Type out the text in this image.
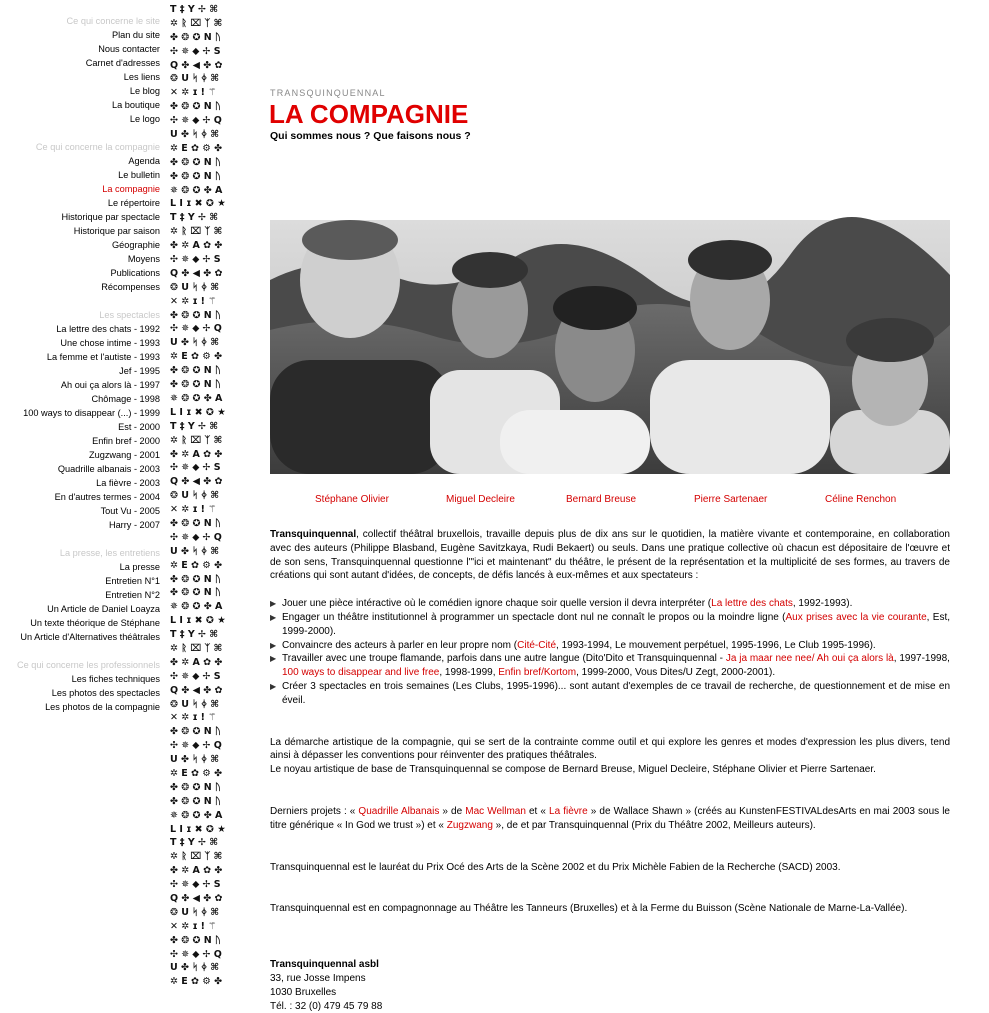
Ce qui concerne le site
Plan du site
Nous contacter
Carnet d'adresses
Les liens
Le blog
La boutique
Le logo
Ce qui concerne la compagnie
Agenda
Le bulletin
La compagnie
Le répertoire
Historique par spectacle
Historique par saison
Géographie
Moyens
Publications
Récompenses
Les spectacles
La lettre des chats - 1992
Une chose intime - 1993
La femme et l'autiste - 1993
Jef - 1995
Ah oui ça alors là - 1997
Chômage - 1998
100 ways to disappear (...) - 1999
Est - 2000
Enfin bref - 2000
Zugzwang - 2001
Quadrille albanais - 2003
La fièvre - 2003
En d'autres termes - 2004
Tout Vu - 2005
Harry - 2007
La presse, les entretiens
La presse
Entretien N°1
Entretien N°2
Un Article de Daniel Loayza
Un texte théorique de Stéphane
Un Article d'Alternatives théâtrales
Ce qui concerne les professionnels
Les fiches techniques
Les photos des spectacles
Les photos de la compagnie
T‡Y✢⌘
✲ᚱ⌧ᛉ⌘
✤❂✪Nᚢ
✣✵⬥✢S
Q✤◀✤✿
❂Uᛋᛄ⌘
✕✲ɪǃ⚚
✤❂✪Nᚢ
✣✵⬥✢Q
U✤ᛋᛄ⌘
✲E✿⚙✤
✤❂✪Nᚢ
✤❂✪Nᚢ
✵❂✪✤A
LIɪ✖✪★
T‡Y✢⌘
✲ᚱ⌧ᛉ⌘
✤✲A✿✤
✣✵⬥✢S
Q✤◀✤✿
❂Uᛋᛄ⌘
✕✲ɪǃ⚚
✤❂✪Nᚢ
✣✵⬥✢Q
U✤ᛋᛄ⌘
✲E✿⚙✤
✤❂✪Nᚢ
✤❂✪Nᚢ
✵❂✪✤A
LIɪ✖✪★
T‡Y✢⌘
✲ᚱ⌧ᛉ⌘
✤✲A✿✤
✣✵⬥✢S
Q✤◀✤✿
❂Uᛋᛄ⌘
✕✲ɪǃ⚚
✤❂✪Nᚢ
✣✵⬥✢Q
U✤ᛋᛄ⌘
✲E✿⚙✤
✤❂✪Nᚢ
✤❂✪Nᚢ
✵❂✪✤A
LIɪ✖✪★
T‡Y✢⌘
✲ᚱ⌧ᛉ⌘
✤✲A✿✤
✣✵⬥✢S
Q✤◀✤✿
❂Uᛋᛄ⌘
✕✲ɪǃ⚚
✤❂✪Nᚢ
✣✵⬥✢Q
U✤ᛋᛄ⌘
✲E✿⚙✤
✤❂✪Nᚢ
✤❂✪Nᚢ
✵❂✪✤A
LIɪ✖✪★
T‡Y✢⌘
✲ᚱ⌧ᛉ⌘
✤✲A✿✤
✣✵⬥✢S
Q✤◀✤✿
❂Uᛋᛄ⌘
✕✲ɪǃ⚚
✤❂✪Nᚢ
✣✵⬥✢Q
U✤ᛋᛄ⌘
✲E✿⚙✤
TRANSQUINQUENNAL
LA COMPAGNIE
Qui sommes nous ? Que faisons nous ?
Stéphane Olivier	Miguel Decleire	Bernard Breuse	Pierre Sartenaer	Céline Renchon

Transquinquennal, collectif théâtral bruxellois, travaille depuis plus de dix ans sur le quotidien, la matière vivante et contemporaine, en collaboration avec des auteurs (Philippe Blasband, Eugène Savitzkaya, Rudi Bekaert) ou seuls. Dans une pratique collective où chacun est dépositaire de l'œuvre et de son sens, Transquinquennal questionne l'"ici et maintenant" du théâtre, le présent de la représentation et la multiplicité de ses formes, au travers de créations qui sont autant d'idées, de concepts, de défis lancés à eux-mêmes et aux spectateurs :

▶ Jouer une pièce intéractive où le comédien ignore chaque soir quelle version il devra interpréter (La lettre des chats, 1992-1993).
▶ Engager un théâtre institutionnel à programmer un spectacle dont nul ne connaît le propos ou la moindre ligne (Aux prises avec la vie courante, Est, 1999-2000).
▶ Convaincre des acteurs à parler en leur propre nom (Cité-Cité, 1993-1994, Le mouvement perpétuel, 1995-1996, Le Club 1995-1996).
▶ Travailler avec une troupe flamande, parfois dans une autre langue (Dito'Dito et Transquinquennal - Ja ja maar nee nee/ Ah oui ça alors là, 1997-1998, 100 ways to disappear and live free, 1998-1999, Enfin bref/Kortom, 1999-2000, Vous Dites/U Zegt, 2000-2001).
▶ Créer 3 spectacles en trois semaines (Les Clubs, 1995-1996)... sont autant d'exemples de ce travail de recherche, de questionnement et de mise en éveil.

La démarche artistique de la compagnie, qui se sert de la contrainte comme outil et qui explore les genres et modes d'expression les plus divers, tend ainsi à dépasser les conventions pour réinventer des pratiques théâtrales.
Le noyau artistique de base de Transquinquennal se compose de Bernard Breuse, Miguel Decleire, Stéphane Olivier et Pierre Sartenaer.

Derniers projets : « Quadrille Albanais » de Mac Wellman et « La fièvre » de Wallace Shawn » (créés au KunstenFESTIVALdesArts en mai 2003 sous le titre générique « In God we trust ») et « Zugzwang », de et par Transquinquennal (Prix du Théâtre 2002, Meilleurs auteurs).

Transquinquennal est le lauréat du Prix Océ des Arts de la Scène 2002 et du Prix Michèle Fabien de la Recherche (SACD) 2003.

Transquinquennal est en compagnonnage au Théâtre les Tanneurs (Bruxelles) et à la Ferme du Buisson (Scène Nationale de Marne-La-Vallée).

Transquinquennal asbl
33, rue Josse Impens
1030 Bruxelles
Tél. : 32 (0) 479 45 79 88
